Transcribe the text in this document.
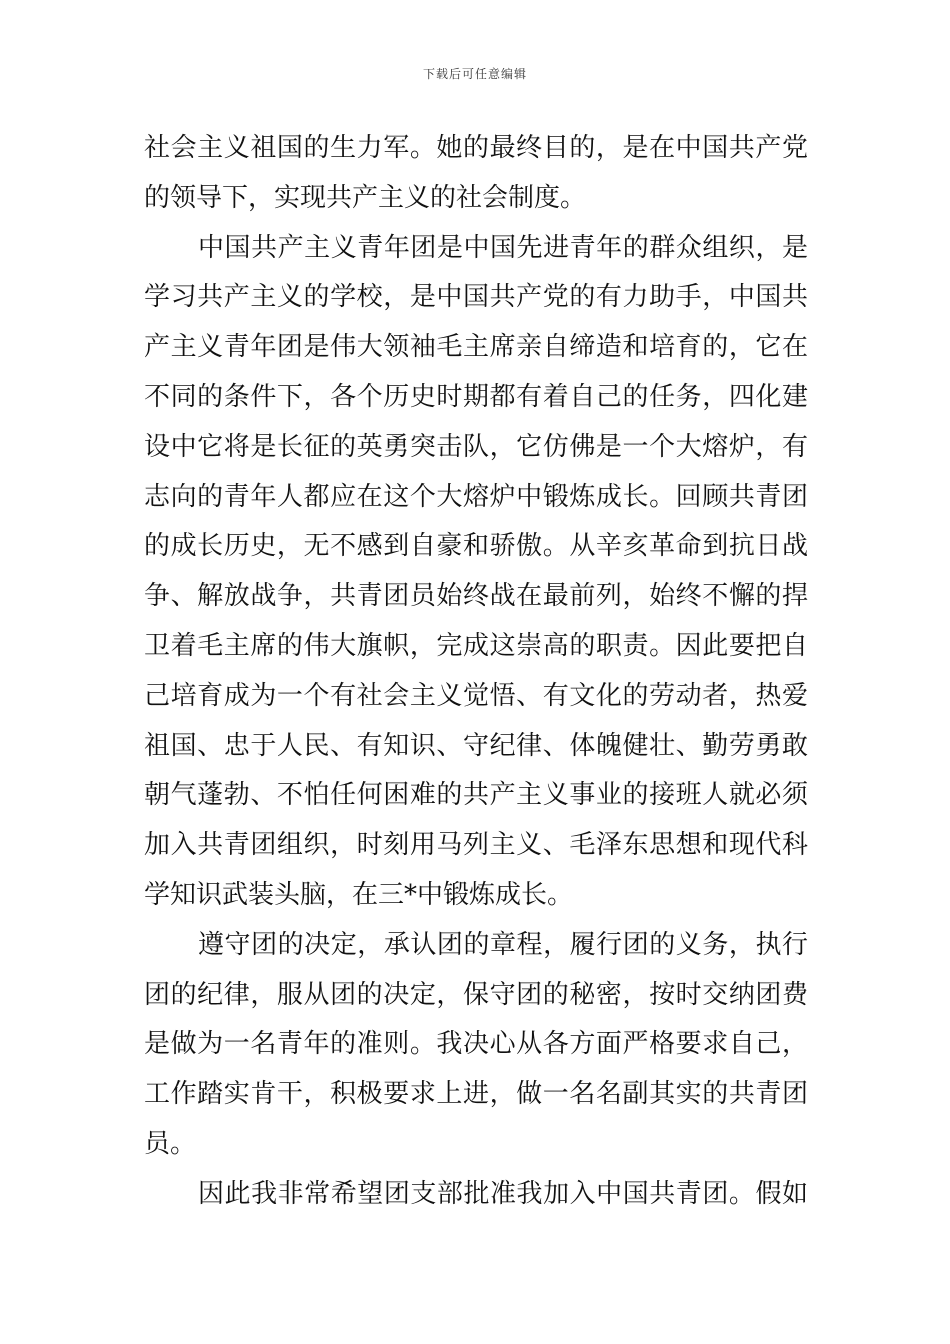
下载后可任意编辑
社会主义祖国的生力军。她的最终目的，是在中国共产党
的领导下，实现共产主义的社会制度。
中国共产主义青年团是中国先进青年的群众组织，是
学习共产主义的学校，是中国共产党的有力助手，中国共
产主义青年团是伟大领袖毛主席亲自缔造和培育的，它在
不同的条件下，各个历史时期都有着自己的任务，四化建
设中它将是长征的英勇突击队，它仿佛是一个大熔炉，有
志向的青年人都应在这个大熔炉中锻炼成长。回顾共青团
的成长历史，无不感到自豪和骄傲。从辛亥革命到抗日战
争、解放战争，共青团员始终战在最前列，始终不懈的捍
卫着毛主席的伟大旗帜，完成这崇高的职责。因此要把自
己培育成为一个有社会主义觉悟、有文化的劳动者，热爱
祖国、忠于人民、有知识、守纪律、体魄健壮、勤劳勇敢
朝气蓬勃、不怕任何困难的共产主义事业的接班人就必须
加入共青团组织，时刻用马列主义、毛泽东思想和现代科
学知识武装头脑，在三*中锻炼成长。
遵守团的决定，承认团的章程，履行团的义务，执行
团的纪律，服从团的决定，保守团的秘密，按时交纳团费
是做为一名青年的准则。我决心从各方面严格要求自己，
工作踏实肯干，积极要求上进，做一名名副其实的共青团
员。
因此我非常希望团支部批准我加入中国共青团。假如
